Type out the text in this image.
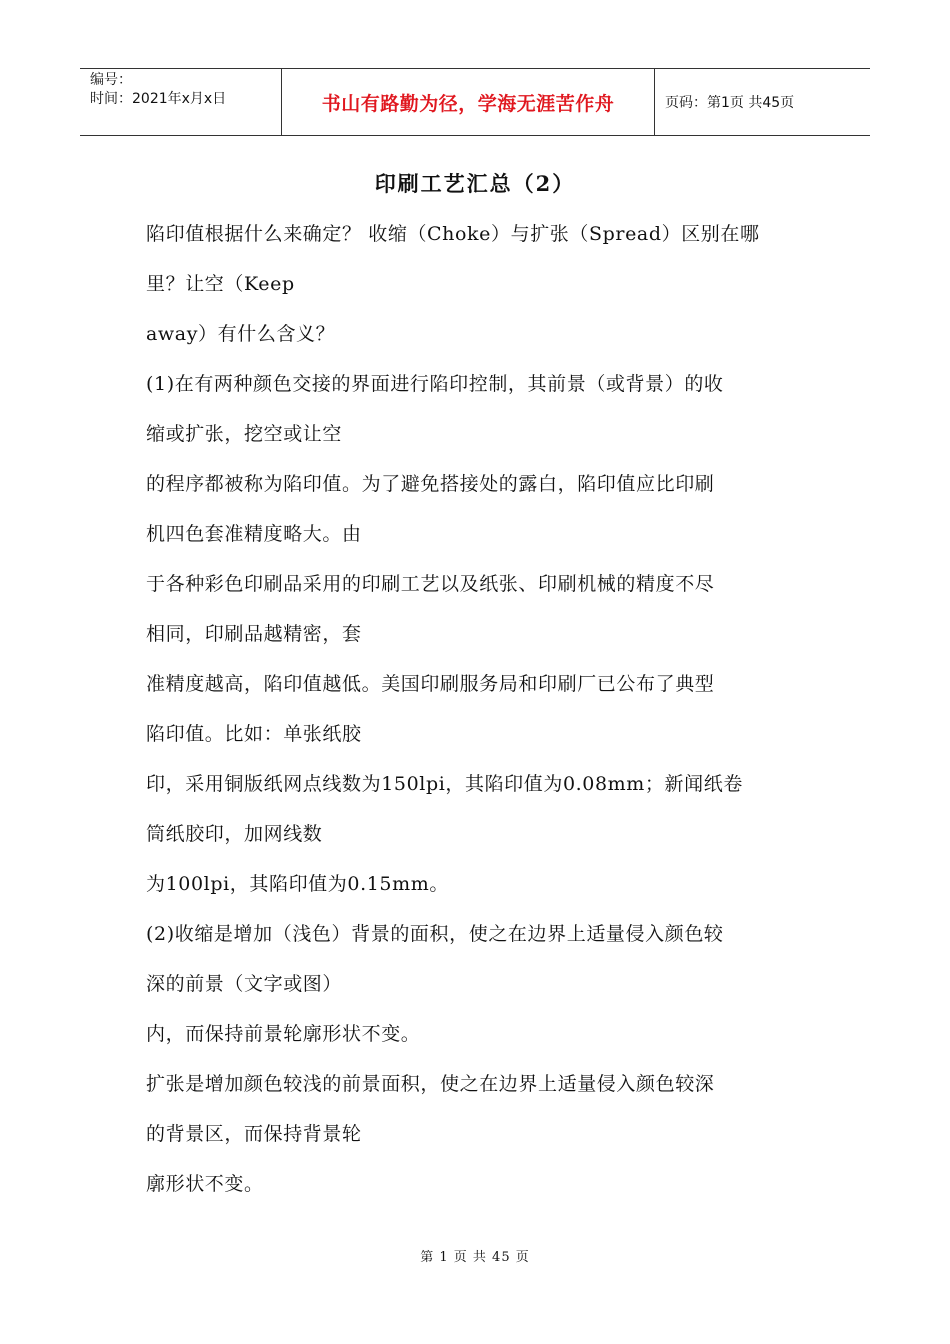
编号：
时间：2021年x月x日	书山有路勤为径，学海无涯苦作舟	页码：第1页 共45页
印刷工艺汇总（2）
陷印值根据什么来确定？ 收缩（Choke）与扩张（Spread）区别在哪
里？让空（Keep
away）有什么含义？
(1)在有两种颜色交接的界面进行陷印控制，其前景（或背景）的收
缩或扩张，挖空或让空
的程序都被称为陷印值。为了避免搭接处的露白，陷印值应比印刷
机四色套准精度略大。由
于各种彩色印刷品采用的印刷工艺以及纸张、印刷机械的精度不尽
相同，印刷品越精密，套
准精度越高，陷印值越低。美国印刷服务局和印刷厂已公布了典型
陷印值。比如：单张纸胶
印，采用铜版纸网点线数为150lpi，其陷印值为0.08mm；新闻纸卷
筒纸胶印，加网线数
为100lpi，其陷印值为0.15mm。
(2)收缩是增加（浅色）背景的面积，使之在边界上适量侵入颜色较
深的前景（文字或图）
内，而保持前景轮廓形状不变。
扩张是增加颜色较浅的前景面积，使之在边界上适量侵入颜色较深
的背景区，而保持背景轮
廓形状不变。
第 1 页 共 45 页
